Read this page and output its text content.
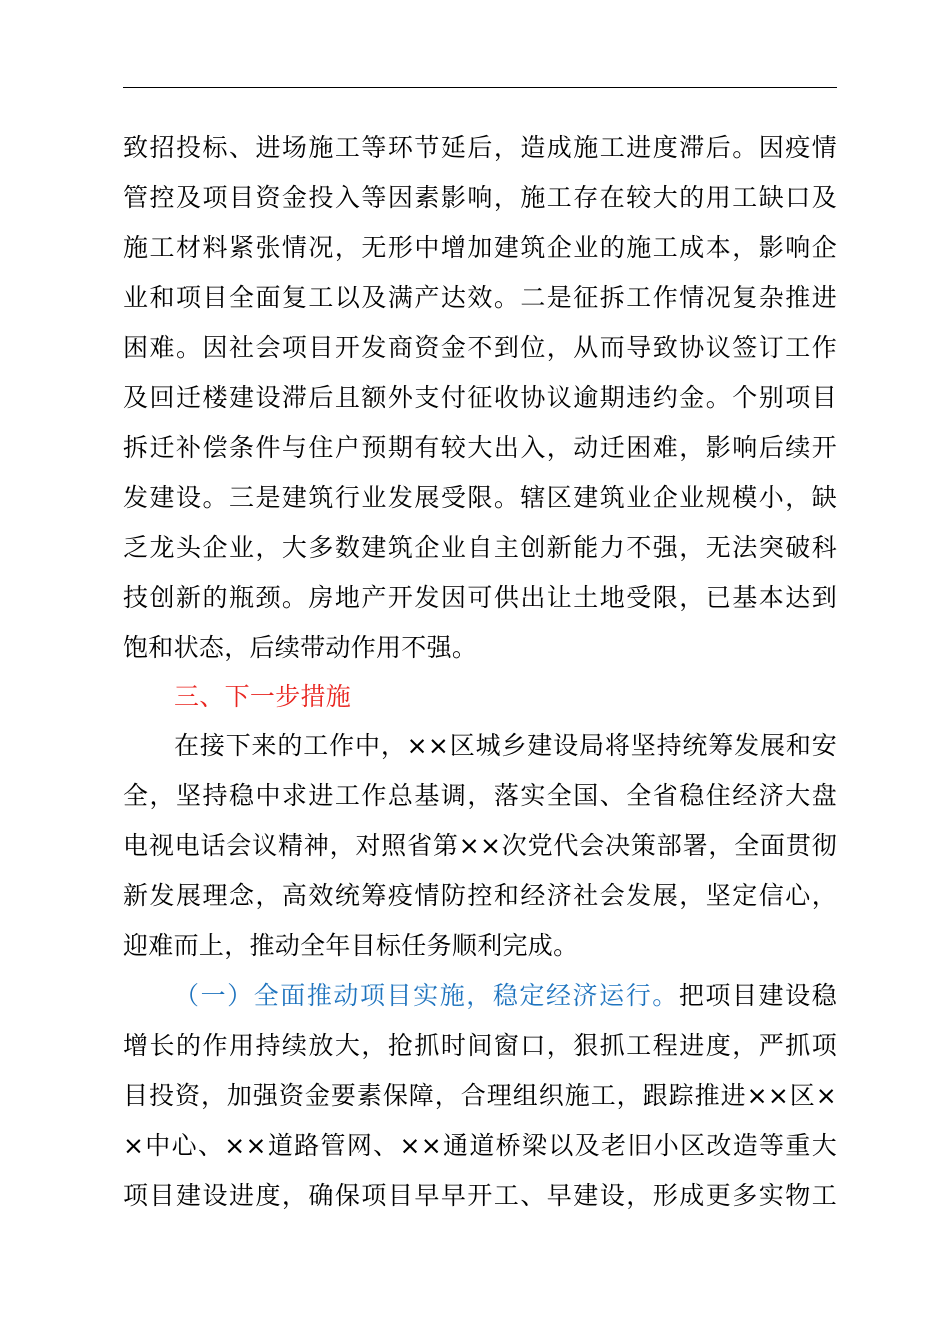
致招投标、进场施工等环节延后，造成施工进度滞后。因疫情
管控及项目资金投入等因素影响，施工存在较大的用工缺口及
施工材料紧张情况，无形中增加建筑企业的施工成本，影响企
业和项目全面复工以及满产达效。二是征拆工作情况复杂推进
困难。因社会项目开发商资金不到位，从而导致协议签订工作
及回迁楼建设滞后且额外支付征收协议逾期违约金。个别项目
拆迁补偿条件与住户预期有较大出入，动迁困难，影响后续开
发建设。三是建筑行业发展受限。辖区建筑业企业规模小，缺
乏龙头企业，大多数建筑企业自主创新能力不强，无法突破科
技创新的瓶颈。房地产开发因可供出让土地受限，已基本达到
饱和状态，后续带动作用不强。
三、下一步措施
在接下来的工作中，××区城乡建设局将坚持统筹发展和安
全，坚持稳中求进工作总基调，落实全国、全省稳住经济大盘
电视电话会议精神，对照省第××次党代会决策部署，全面贯彻
新发展理念，高效统筹疫情防控和经济社会发展，坚定信心，
迎难而上，推动全年目标任务顺利完成。
（一）全面推动项目实施，稳定经济运行。把项目建设稳
增长的作用持续放大，抢抓时间窗口，狠抓工程进度，严抓项
目投资，加强资金要素保障，合理组织施工，跟踪推进××区×
×中心、××道路管网、××通道桥梁以及老旧小区改造等重大
项目建设进度，确保项目早早开工、早建设，形成更多实物工
